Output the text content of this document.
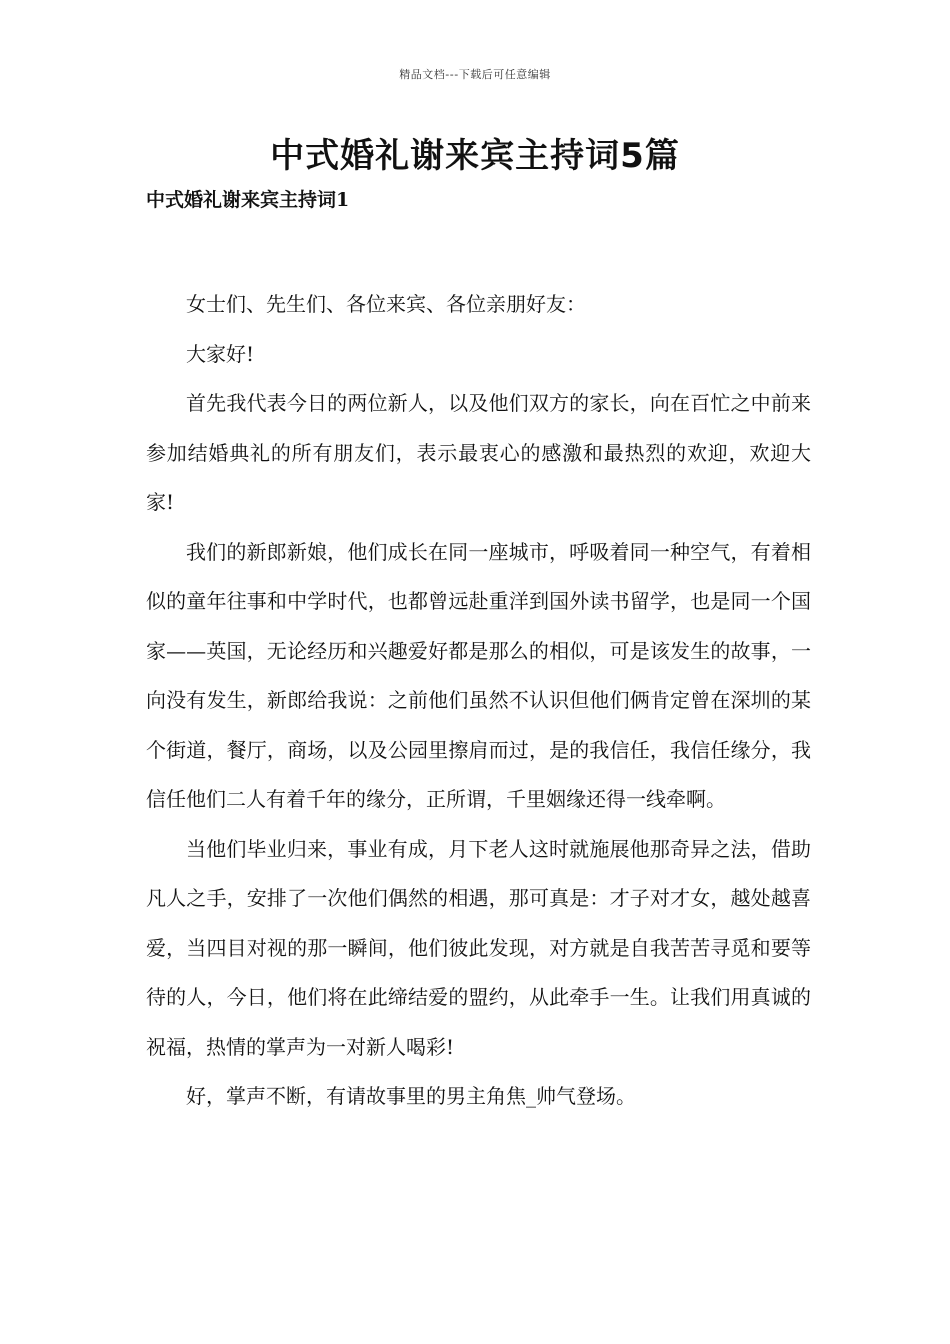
精品文档---下载后可任意编辑
中式婚礼谢来宾主持词5篇
中式婚礼谢来宾主持词1

女士们、先生们、各位来宾、各位亲朋好友：

大家好!

首先我代表今日的两位新人，以及他们双方的家长，向在百忙之中前来参加结婚典礼的所有朋友们，表示最衷心的感激和最热烈的欢迎，欢迎大家!

我们的新郎新娘，他们成长在同一座城市，呼吸着同一种空气，有着相似的童年往事和中学时代，也都曾远赴重洋到国外读书留学，也是同一个国家——英国，无论经历和兴趣爱好都是那么的相似，可是该发生的故事，一向没有发生，新郎给我说：之前他们虽然不认识但他们俩肯定曾在深圳的某个街道，餐厅，商场，以及公园里擦肩而过，是的我信任，我信任缘分，我信任他们二人有着千年的缘分，正所谓，千里姻缘还得一线牵啊。

当他们毕业归来，事业有成，月下老人这时就施展他那奇异之法，借助凡人之手，安排了一次他们偶然的相遇，那可真是：才子对才女，越处越喜爱，当四目对视的那一瞬间，他们彼此发现，对方就是自我苦苦寻觅和要等待的人，今日，他们将在此缔结爱的盟约，从此牵手一生。让我们用真诚的祝福，热情的掌声为一对新人喝彩!

好，掌声不断，有请故事里的男主角焦_帅气登场。
